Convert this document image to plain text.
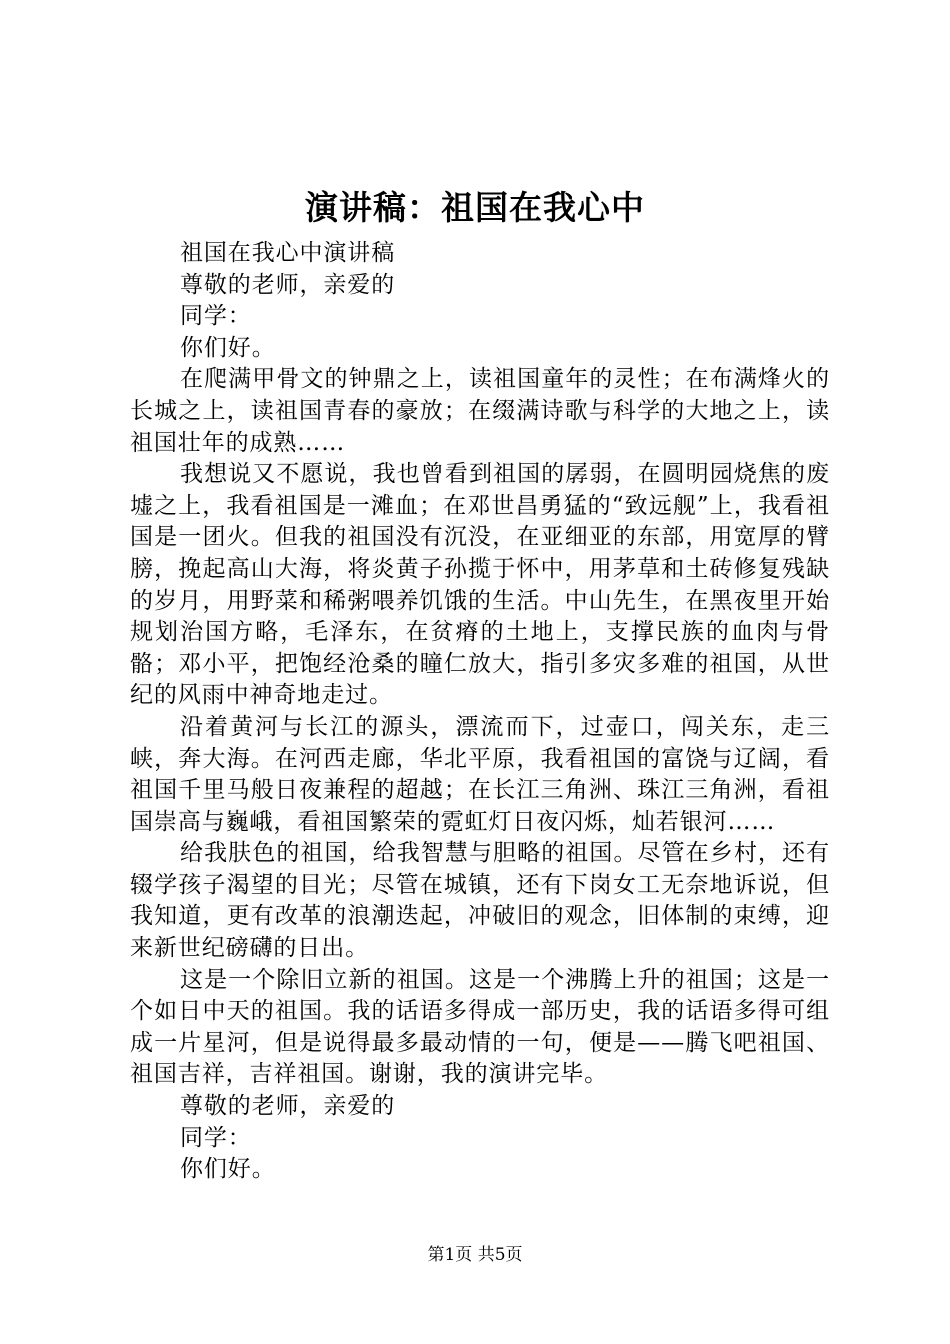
演讲稿：祖国在我心中

祖国在我心中演讲稿

尊敬的老师，亲爱的

同学：

你们好。

在爬满甲骨文的钟鼎之上，读祖国童年的灵性；在布满烽火的长城之上，读祖国青春的豪放；在缀满诗歌与科学的大地之上，读祖国壮年的成熟……

我想说又不愿说，我也曾看到祖国的孱弱，在圆明园烧焦的废墟之上，我看祖国是一滩血；在邓世昌勇猛的“致远舰”上，我看祖国是一团火。但我的祖国没有沉没，在亚细亚的东部，用宽厚的臂膀，挽起高山大海，将炎黄子孙揽于怀中，用茅草和土砖修复残缺的岁月，用野菜和稀粥喂养饥饿的生活。中山先生，在黑夜里开始规划治国方略，毛泽东，在贫瘠的土地上，支撑民族的血肉与骨骼；邓小平，把饱经沧桑的瞳仁放大，指引多灾多难的祖国，从世纪的风雨中神奇地走过。

沿着黄河与长江的源头，漂流而下，过壶口，闯关东，走三峡，奔大海。在河西走廊，华北平原，我看祖国的富饶与辽阔，看祖国千里马般日夜兼程的超越；在长江三角洲、珠江三角洲，看祖国崇高与巍峨，看祖国繁荣的霓虹灯日夜闪烁，灿若银河……

给我肤色的祖国，给我智慧与胆略的祖国。尽管在乡村，还有辍学孩子渴望的目光；尽管在城镇，还有下岗女工无奈地诉说，但我知道，更有改革的浪潮迭起，冲破旧的观念，旧体制的束缚，迎来新世纪磅礴的日出。

这是一个除旧立新的祖国。这是一个沸腾上升的祖国；这是一个如日中天的祖国。我的话语多得成一部历史，我的话语多得可组成一片星河，但是说得最多最动情的一句，便是——腾飞吧祖国、祖国吉祥，吉祥祖国。谢谢，我的演讲完毕。

尊敬的老师，亲爱的

同学：

你们好。

第1页 共5页
